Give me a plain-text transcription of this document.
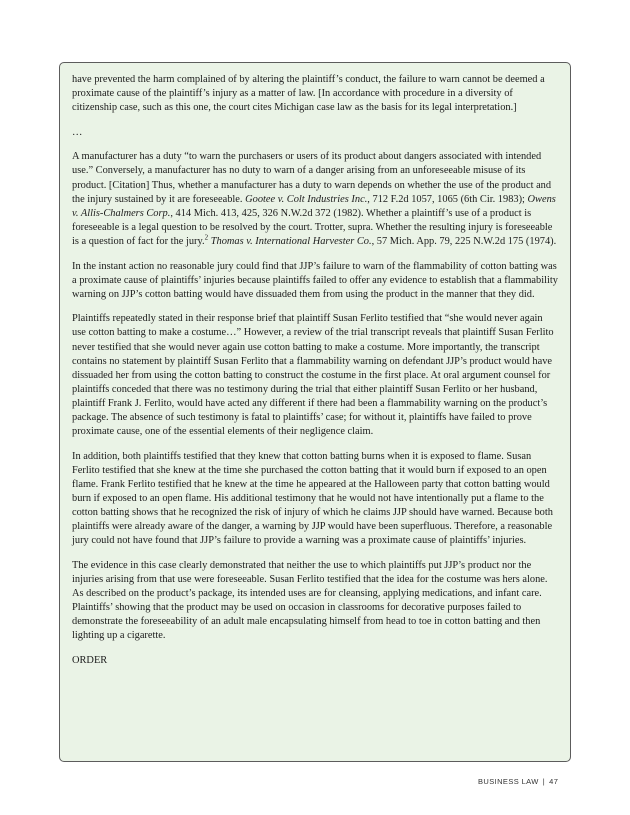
have prevented the harm complained of by altering the plaintiff’s conduct, the failure to warn cannot be deemed a proximate cause of the plaintiff’s injury as a matter of law. [In accordance with procedure in a diversity of citizenship case, such as this one, the court cites Michigan case law as the basis for its legal interpretation.]

…

A manufacturer has a duty “to warn the purchasers or users of its product about dangers associated with intended use.” Conversely, a manufacturer has no duty to warn of a danger arising from an unforeseeable misuse of its product. [Citation] Thus, whether a manufacturer has a duty to warn depends on whether the use of the product and the injury sustained by it are foreseeable. Gootee v. Colt Industries Inc., 712 F.2d 1057, 1065 (6th Cir. 1983); Owens v. Allis-Chalmers Corp., 414 Mich. 413, 425, 326 N.W.2d 372 (1982). Whether a plaintiff’s use of a product is foreseeable is a legal question to be resolved by the court. Trotter, supra. Whether the resulting injury is foreseeable is a question of fact for the jury.$^2$ Thomas v. International Harvester Co., 57 Mich. App. 79, 225 N.W.2d 175 (1974).

In the instant action no reasonable jury could find that JJP’s failure to warn of the flammability of cotton batting was a proximate cause of plaintiffs’ injuries because plaintiffs failed to offer any evidence to establish that a flammability warning on JJP’s cotton batting would have dissuaded them from using the product in the manner that they did.

Plaintiffs repeatedly stated in their response brief that plaintiff Susan Ferlito testified that “she would never again use cotton batting to make a costume…” However, a review of the trial transcript reveals that plaintiff Susan Ferlito never testified that she would never again use cotton batting to make a costume. More importantly, the transcript contains no statement by plaintiff Susan Ferlito that a flammability warning on defendant JJP’s product would have dissuaded her from using the cotton batting to construct the costume in the first place. At oral argument counsel for plaintiffs conceded that there was no testimony during the trial that either plaintiff Susan Ferlito or her husband, plaintiff Frank J. Ferlito, would have acted any different if there had been a flammability warning on the product’s package. The absence of such testimony is fatal to plaintiffs’ case; for without it, plaintiffs have failed to prove proximate cause, one of the essential elements of their negligence claim.

In addition, both plaintiffs testified that they knew that cotton batting burns when it is exposed to flame. Susan Ferlito testified that she knew at the time she purchased the cotton batting that it would burn if exposed to an open flame. Frank Ferlito testified that he knew at the time he appeared at the Halloween party that cotton batting would burn if exposed to an open flame. His additional testimony that he would not have intentionally put a flame to the cotton batting shows that he recognized the risk of injury of which he claims JJP should have warned. Because both plaintiffs were already aware of the danger, a warning by JJP would have been superfluous. Therefore, a reasonable jury could not have found that JJP’s failure to provide a warning was a proximate cause of plaintiffs’ injuries.

The evidence in this case clearly demonstrated that neither the use to which plaintiffs put JJP’s product nor the injuries arising from that use were foreseeable. Susan Ferlito testified that the idea for the costume was hers alone. As described on the product’s package, its intended uses are for cleansing, applying medications, and infant care. Plaintiffs’ showing that the product may be used on occasion in classrooms for decorative purposes failed to demonstrate the foreseeability of an adult male encapsulating himself from head to toe in cotton batting and then lighting up a cigarette.

ORDER

BUSINESS LAW | 47
